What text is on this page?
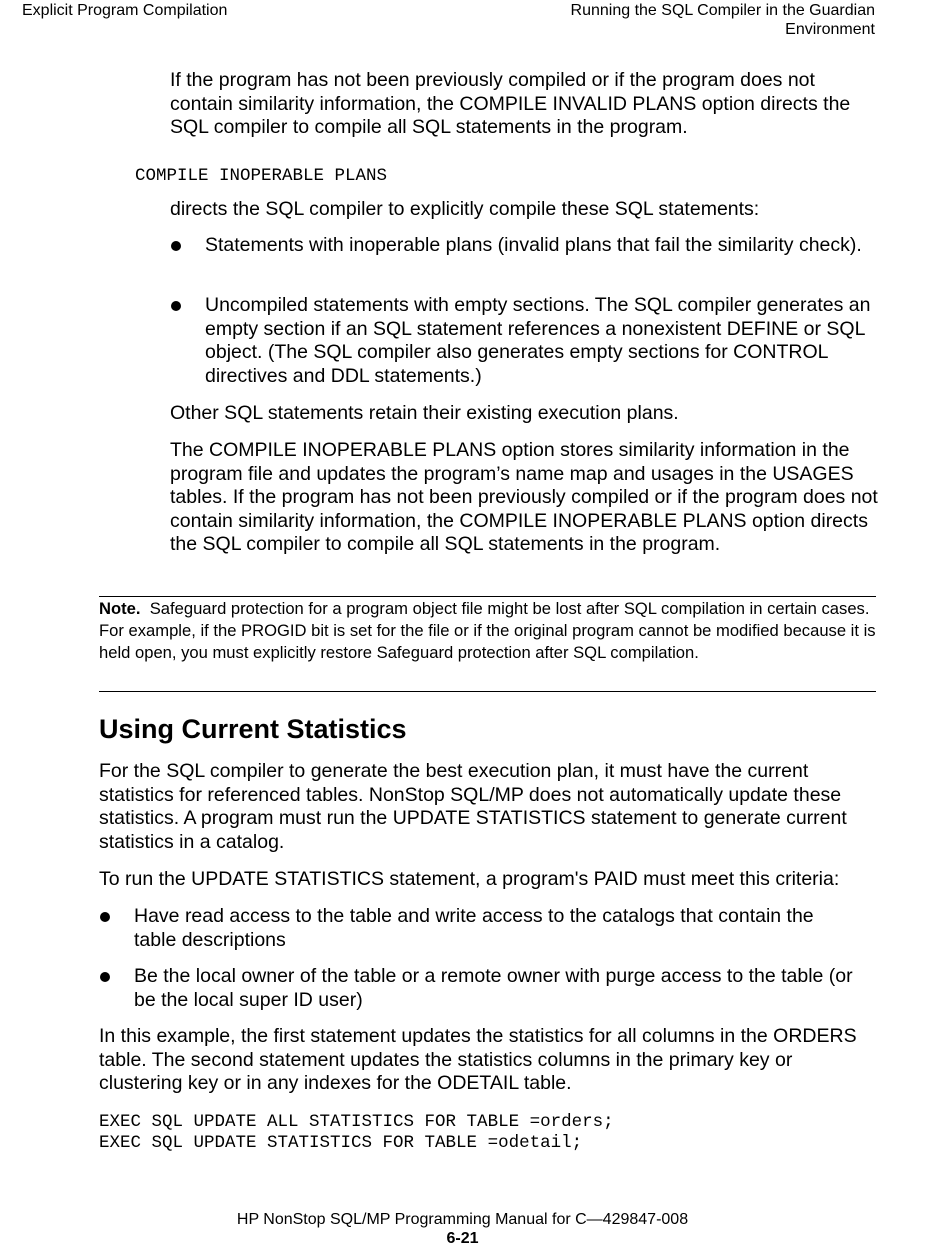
Explicit Program Compilation	Running the SQL Compiler in the Guardian
Environment

If the program has not been previously compiled or if the program does not contain similarity information, the COMPILE INVALID PLANS option directs the SQL compiler to compile all SQL statements in the program.

COMPILE INOPERABLE PLANS

directs the SQL compiler to explicitly compile these SQL statements:

Statements with inoperable plans (invalid plans that fail the similarity check).
Uncompiled statements with empty sections. The SQL compiler generates an empty section if an SQL statement references a nonexistent DEFINE or SQL object. (The SQL compiler also generates empty sections for CONTROL directives and DDL statements.)

Other SQL statements retain their existing execution plans.

The COMPILE INOPERABLE PLANS option stores similarity information in the program file and updates the program’s name map and usages in the USAGES tables. If the program has not been previously compiled or if the program does not contain similarity information, the COMPILE INOPERABLE PLANS option directs the SQL compiler to compile all SQL statements in the program.

Note. Safeguard protection for a program object file might be lost after SQL compilation in certain cases. For example, if the PROGID bit is set for the file or if the original program cannot be modified because it is held open, you must explicitly restore Safeguard protection after SQL compilation.

Using Current Statistics

For the SQL compiler to generate the best execution plan, it must have the current statistics for referenced tables. NonStop SQL/MP does not automatically update these statistics. A program must run the UPDATE STATISTICS statement to generate current statistics in a catalog.

To run the UPDATE STATISTICS statement, a program's PAID must meet this criteria:

Have read access to the table and write access to the catalogs that contain the table descriptions
Be the local owner of the table or a remote owner with purge access to the table (or be the local super ID user)

In this example, the first statement updates the statistics for all columns in the ORDERS table. The second statement updates the statistics columns in the primary key or clustering key or in any indexes for the ODETAIL table.

EXEC SQL UPDATE ALL STATISTICS FOR TABLE =orders;
EXEC SQL UPDATE STATISTICS FOR TABLE =odetail;
HP NonStop SQL/MP Programming Manual for C—429847-008
6-21
